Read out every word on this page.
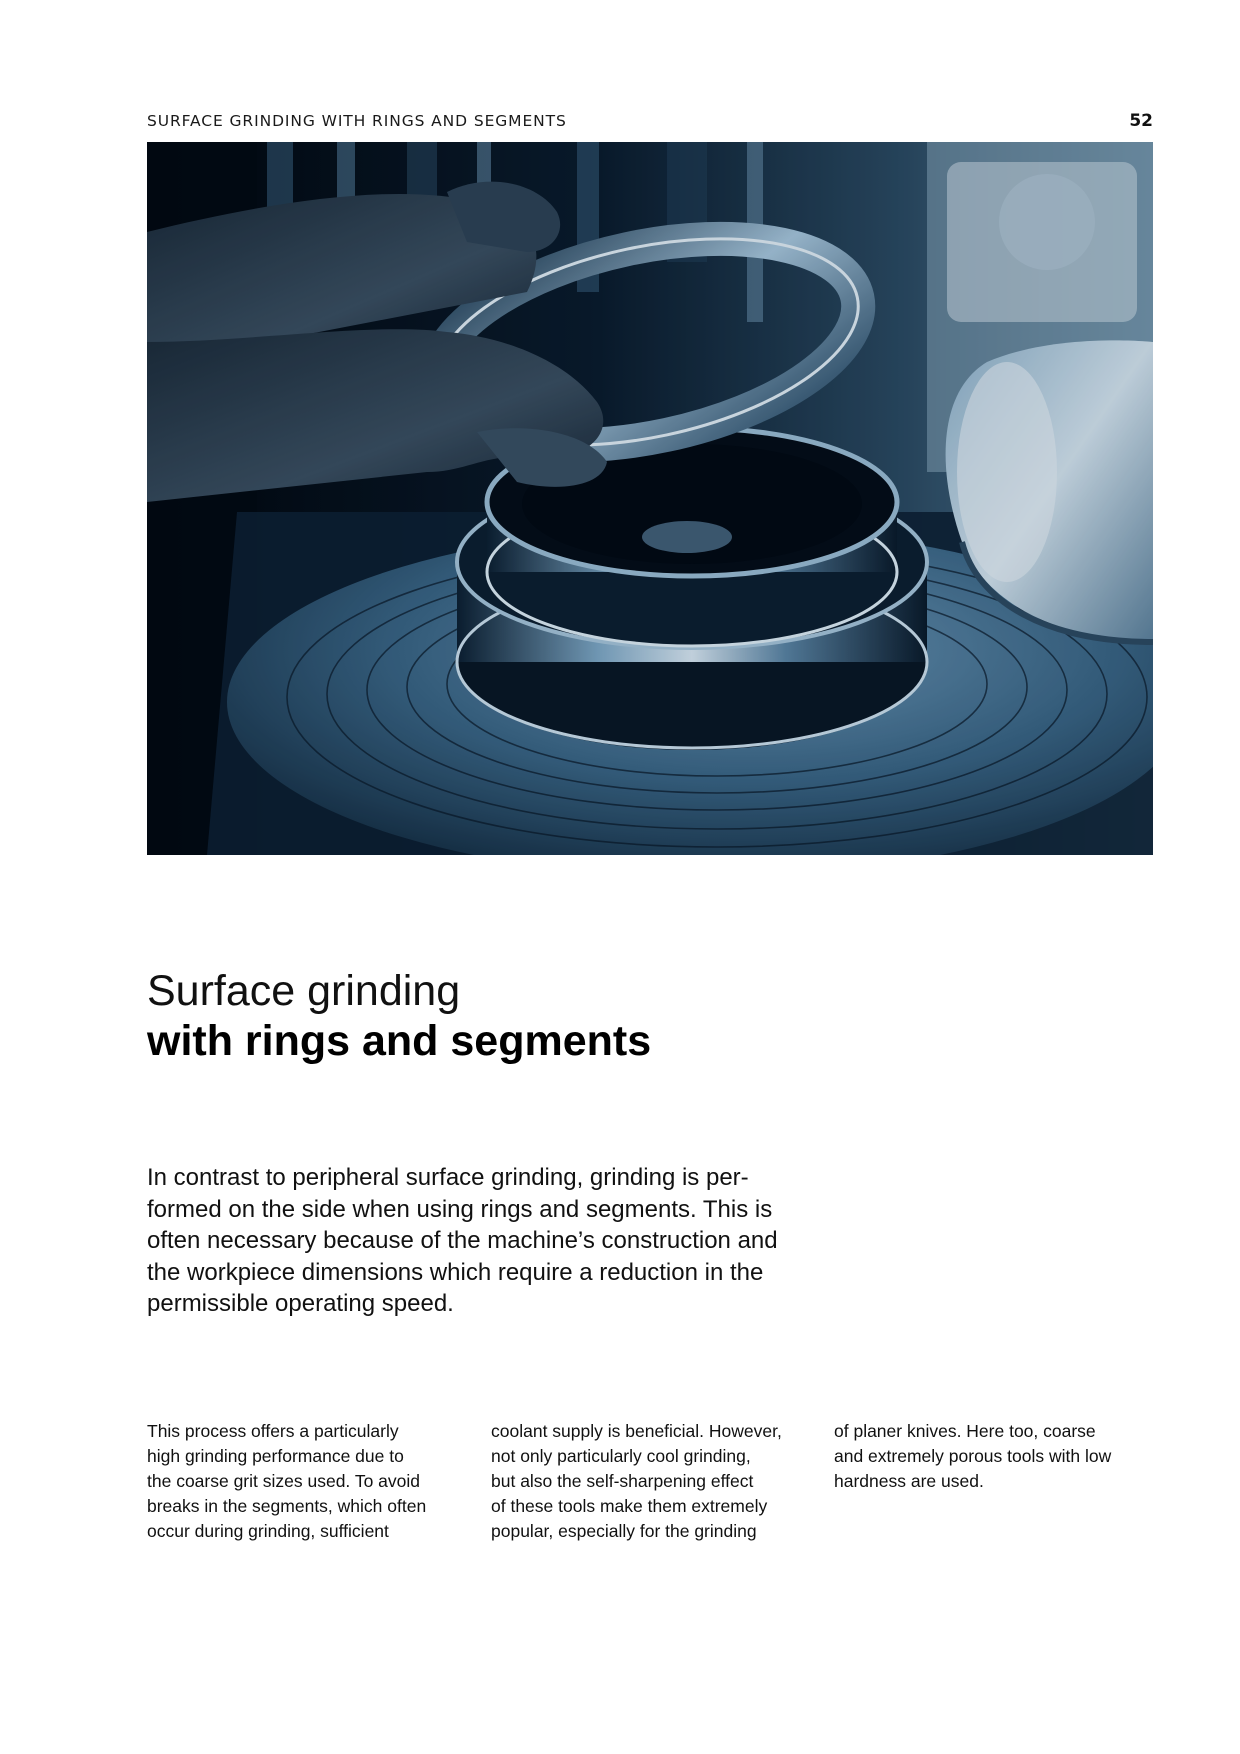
SURFACE GRINDING WITH RINGS AND SEGMENTS	52
Surface grinding
with rings and segments
In contrast to peripheral surface grinding, grinding is per-
formed on the side when using rings and segments. This is
often necessary because of the machine’s construction and
the workpiece dimensions which require a reduction in the
permissible operating speed.
This process offers a particularly
high grinding performance due to
the coarse grit sizes used. To avoid
breaks in the segments, which often
occur during grinding, sufficient
coolant supply is beneficial. However,
not only particularly cool grinding,
but also the self-sharpening effect
of these tools make them extremely
popular, especially for the grinding
of planer knives. Here too, coarse
and extremely porous tools with low
hardness are used.
